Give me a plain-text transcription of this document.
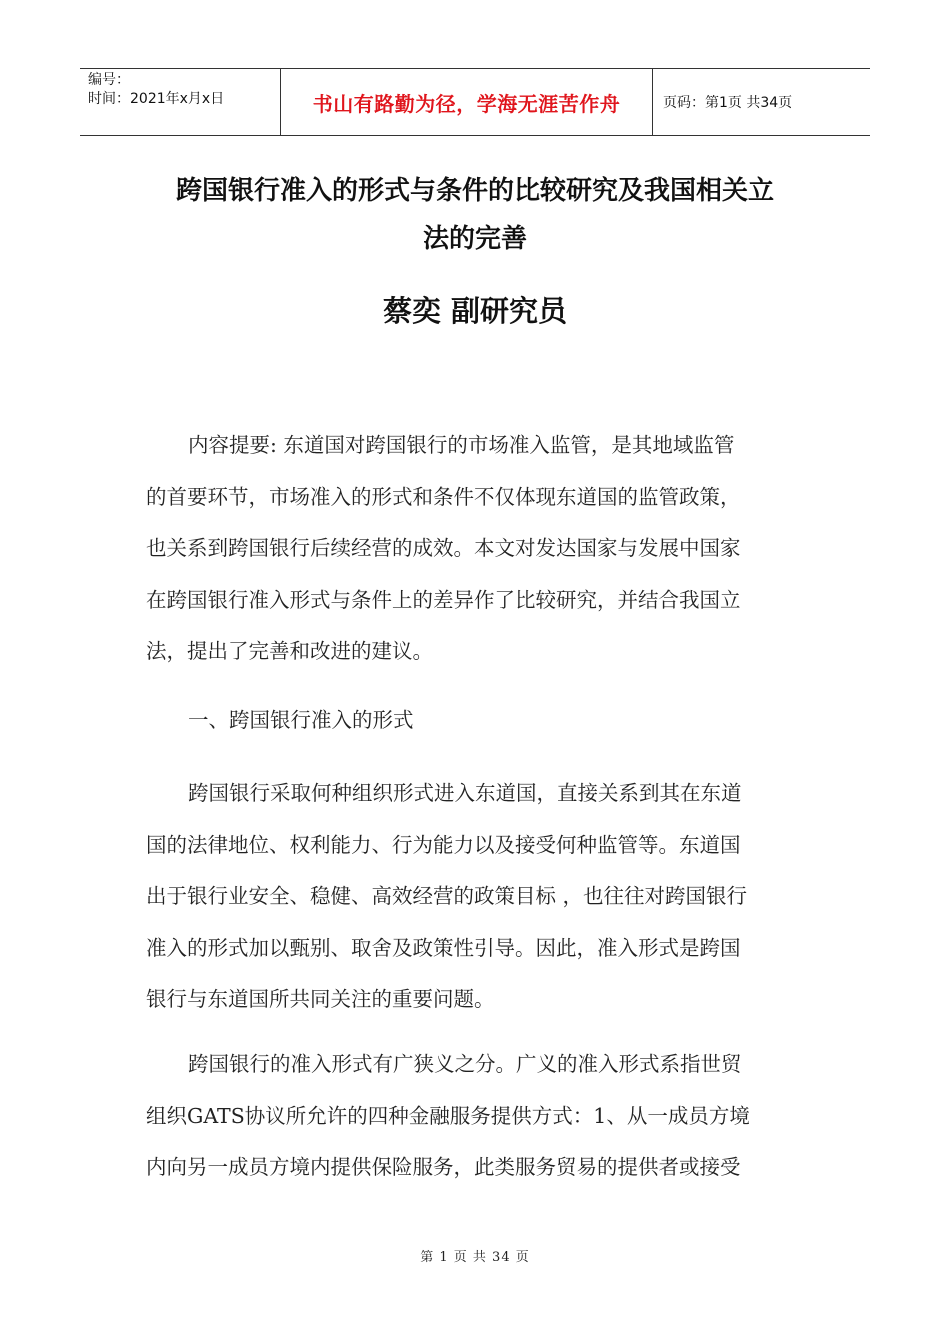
编号：
时间：2021年x月x日	书山有路勤为径，学海无涯苦作舟	页码：第1页 共34页
跨国银行准入的形式与条件的比较研究及我国相关立
法的完善
蔡奕 副研究员
内容提要: 东道国对跨国银行的市场准入监管，是其地域监管
的首要环节，市场准入的形式和条件不仅体现东道国的监管政策，
也关系到跨国银行后续经营的成效。本文对发达国家与发展中国家
在跨国银行准入形式与条件上的差异作了比较研究，并结合我国立
法，提出了完善和改进的建议。
一、跨国银行准入的形式
跨国银行采取何种组织形式进入东道国，直接关系到其在东道
国的法律地位、权利能力、行为能力以及接受何种监管等。东道国
出于银行业安全、稳健、高效经营的政策目标 ，也往往对跨国银行
准入的形式加以甄别、取舍及政策性引导。因此，准入形式是跨国
银行与东道国所共同关注的重要问题。
跨国银行的准入形式有广狭义之分。广义的准入形式系指世贸
组织GATS协议所允许的四种金融服务提供方式：1、从一成员方境
内向另一成员方境内提供保险服务，此类服务贸易的提供者或接受
第 1 页 共 34 页
